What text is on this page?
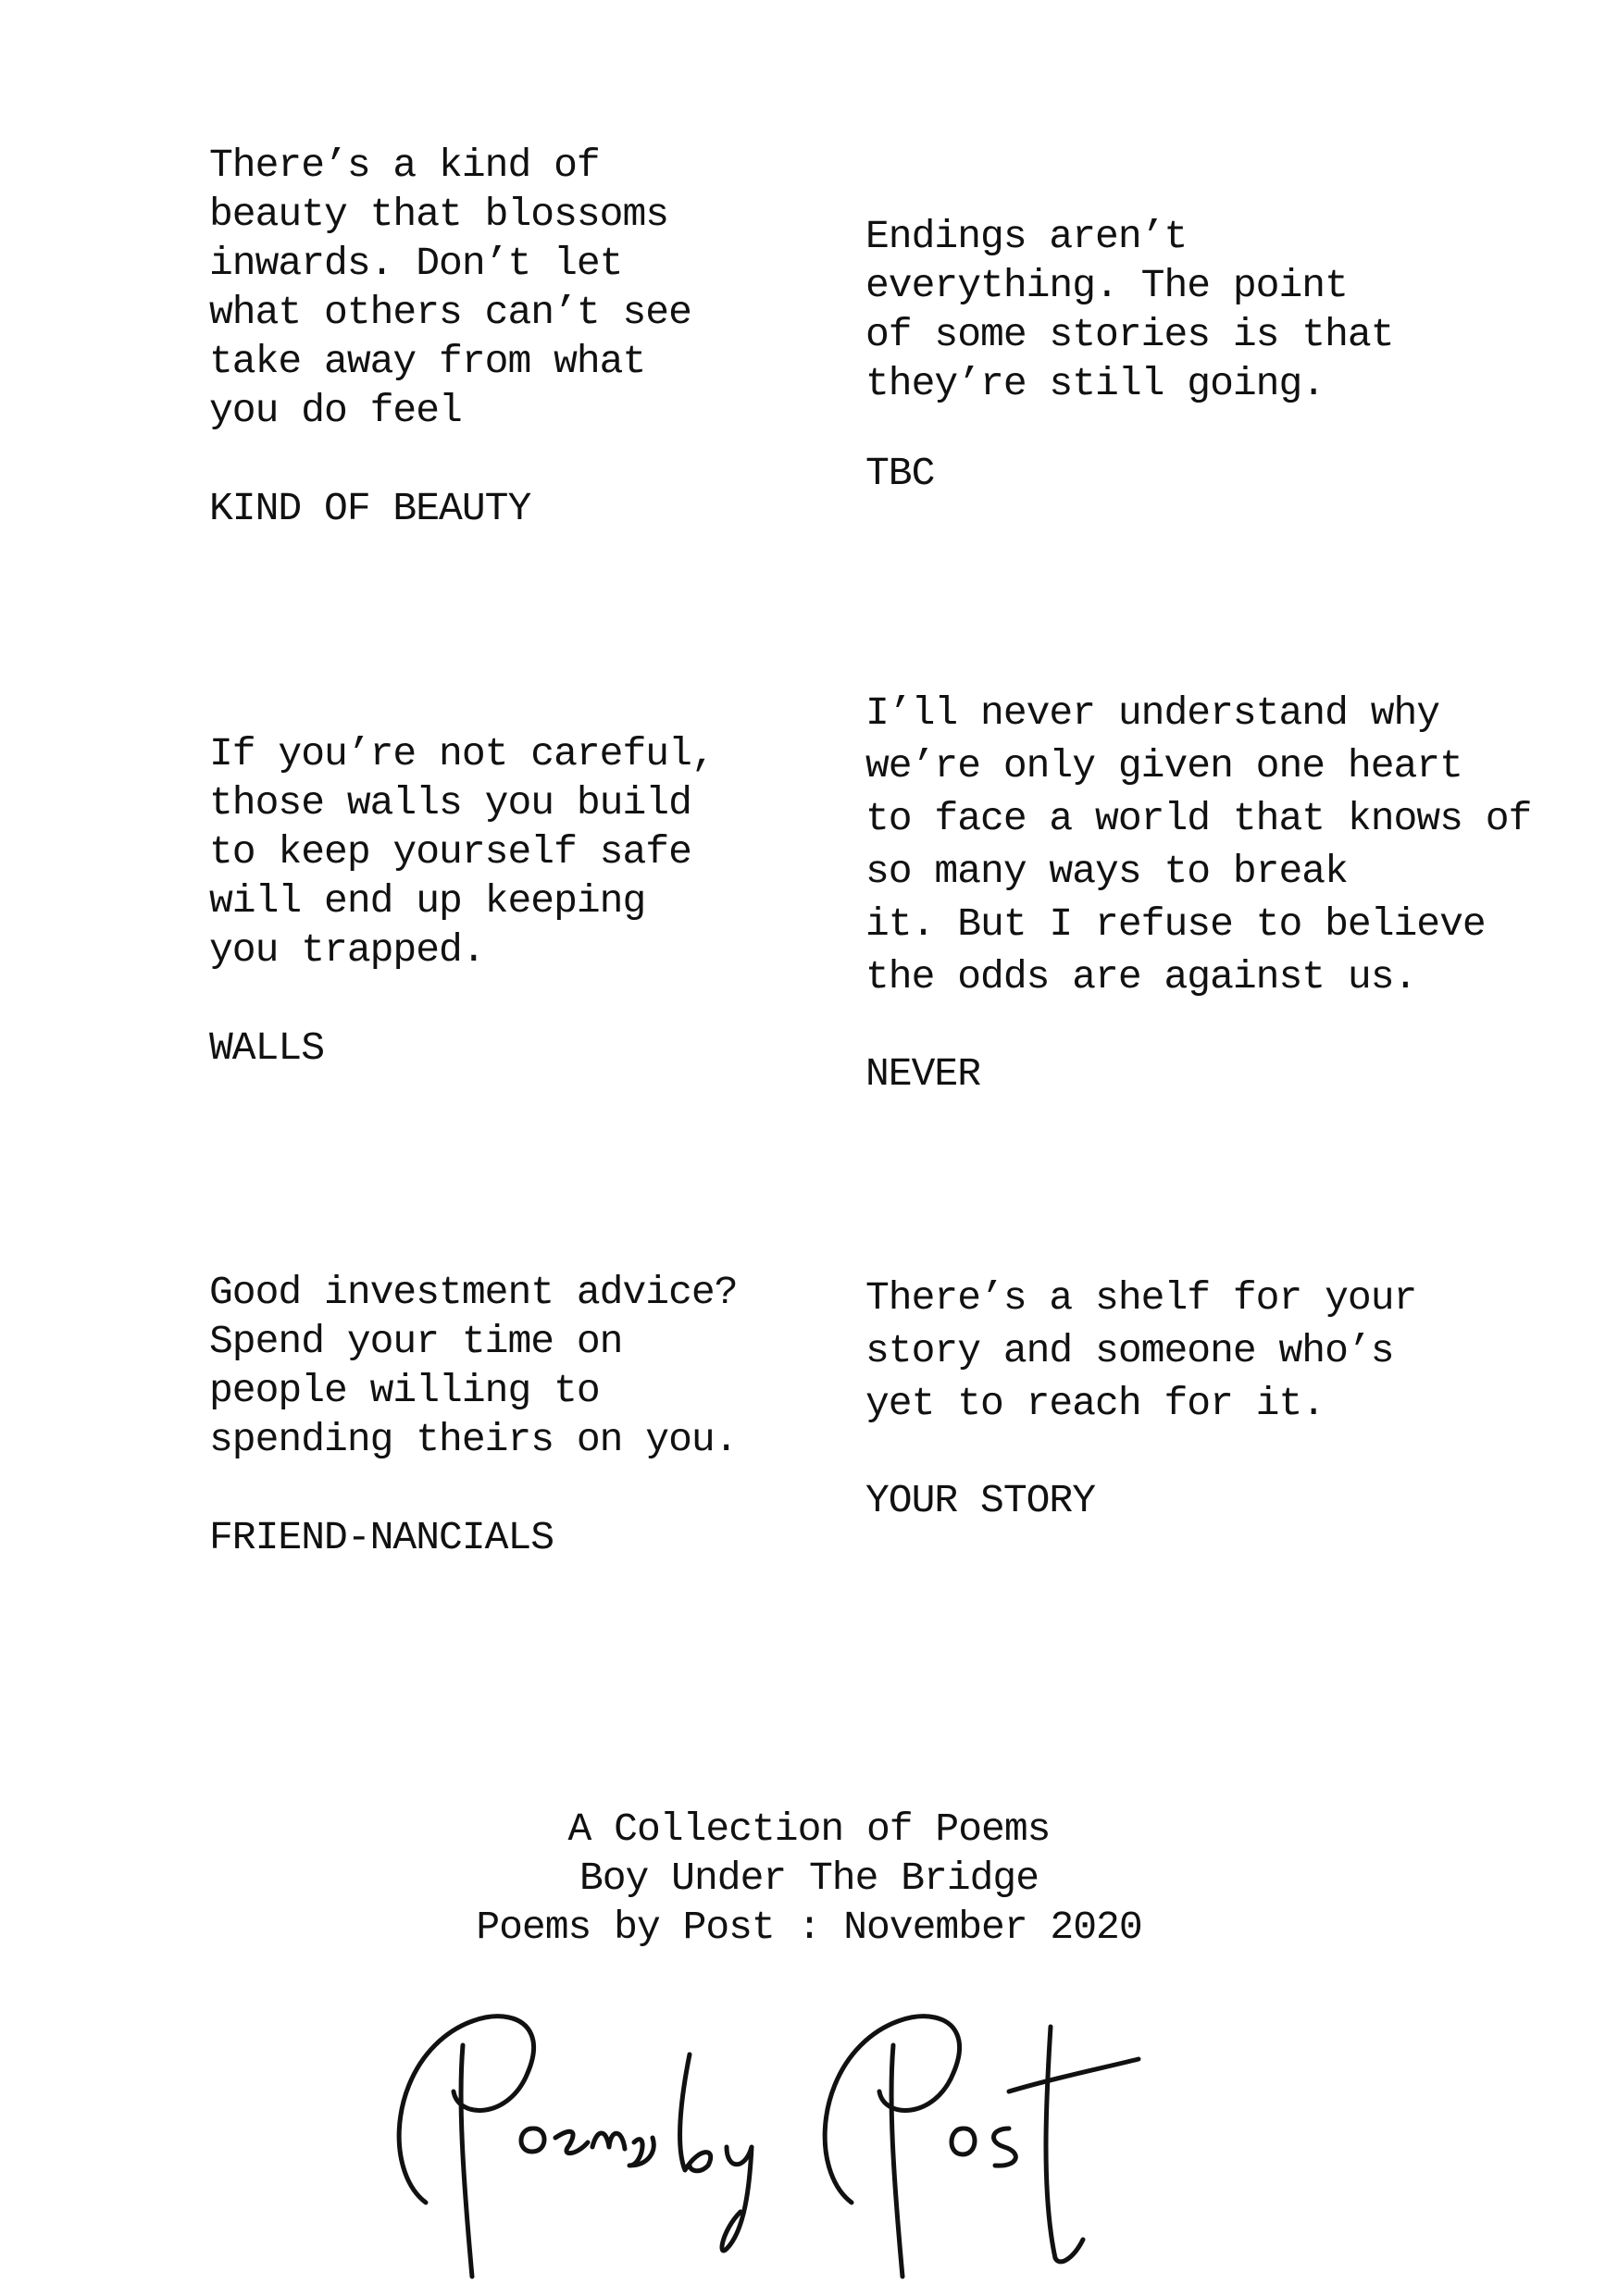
There’s a kind of
beauty that blossoms
inwards. Don’t let
what others can’t see
take away from what
you do feel

KIND OF BEAUTY

Endings aren’t
everything. The point
of some stories is that
they’re still going.

TBC

If you’re not careful,
those walls you build
to keep yourself safe
will end up keeping
you trapped.

WALLS

I’ll never understand why
we’re only given one heart
to face a world that knows of
so many ways to break
it. But I refuse to believe
the odds are against us.

NEVER

Good investment advice?
Spend your time on
people willing to
spending theirs on you.

FRIEND-NANCIALS

There’s a shelf for your
story and someone who’s
yet to reach for it.

YOUR STORY

A Collection of Poems
Boy Under The Bridge
Poems by Post : November 2020
